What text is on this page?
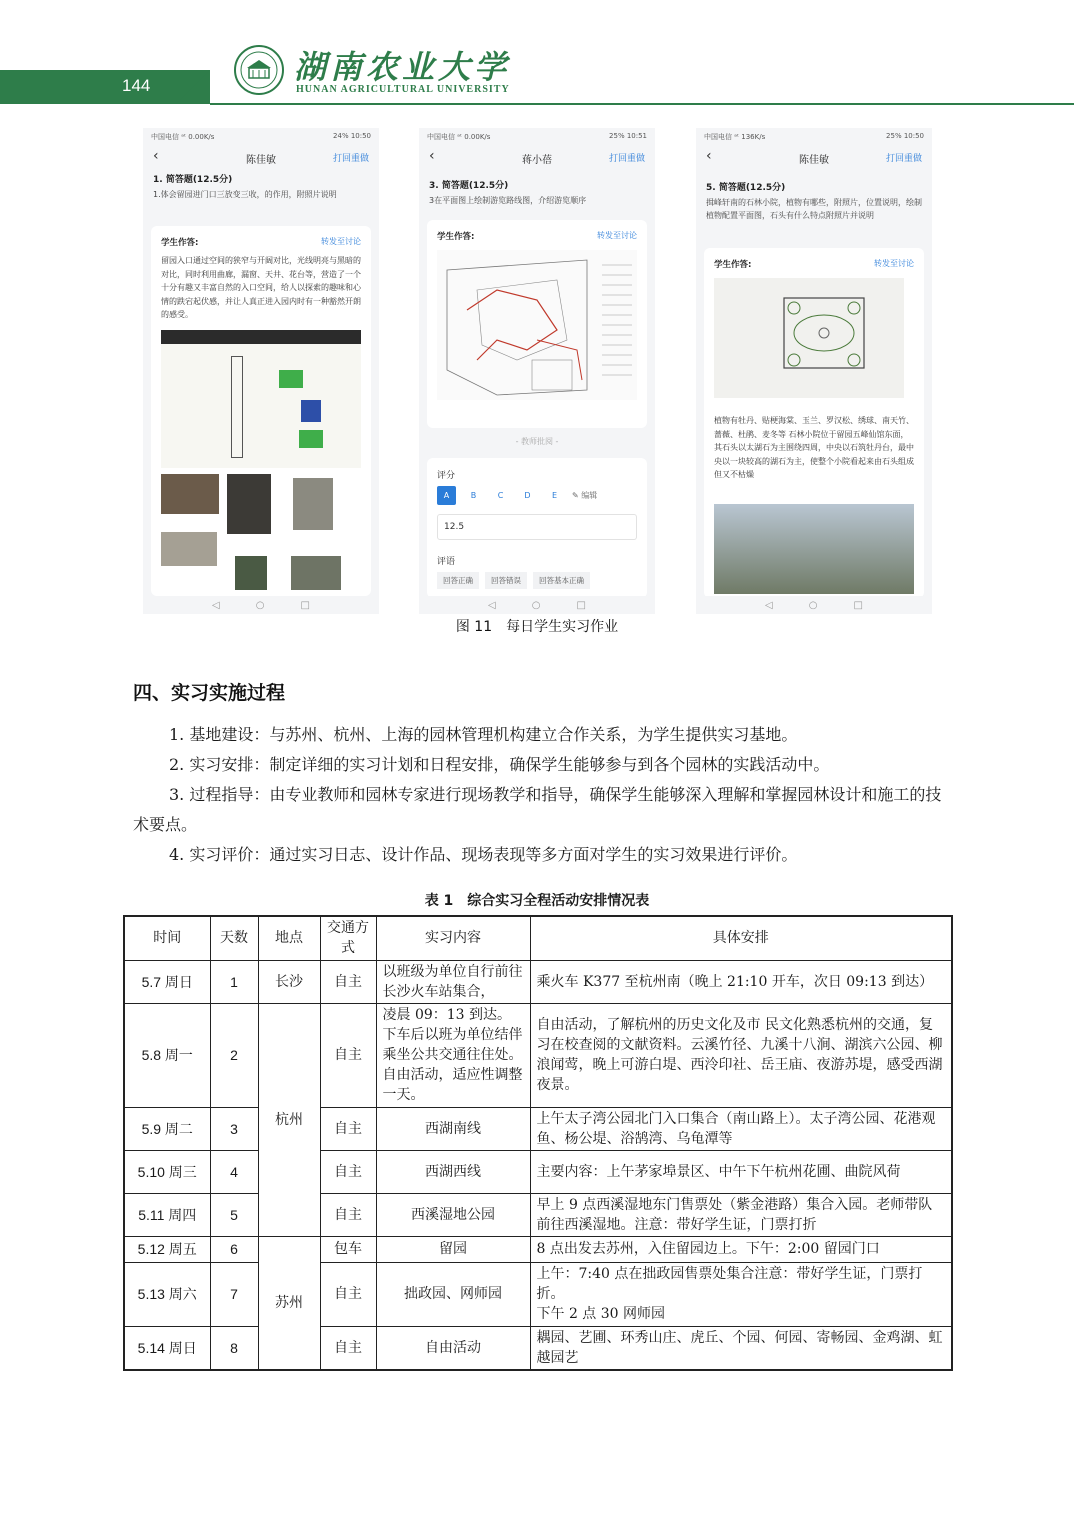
144	湖南农业大学
HUNAN AGRICULTURAL UNIVERSITY
中国电信 ᵃᵗ 0.00K/s	24% 10:50
‹	陈佳敏	打回重做
1. 简答题(12.5分)
1.体会留园进门口三放变三收，的作用，附照片说明
学生作答:	转发至讨论
留园入口通过空间的狭窄与开阔对比，光线明亮与黑暗的对比，同时利用曲廊，漏窗、天井、花台等，营造了一个十分有趣又丰富自然的入口空间，给人以探索的趣味和心情的跌宕起伏感，并让人真正进入园内时有一种豁然开朗的感受。
◁	○	□
中国电信 ᵃᵗ 0.00K/s	25% 10:51
‹	蒋小蓓	打回重做
3. 简答题(12.5分)
3在平面图上绘制游览路线图，介绍游览顺序
学生作答:	转发至讨论
- 教师批阅 -
评分
A	B	C	D	E	✎ 编辑
12.5
评语
回答正确	回答错误	回答基本正确
◁	○	□
中国电信 ᵃᵗ 136K/s	25% 10:50
‹	陈佳敏	打回重做
5. 简答题(12.5分)
揖峰轩南的石林小院，植物有哪些，附照片，位置说明，绘制植物配置平面图，石头有什么特点附照片并说明
学生作答:	转发至讨论
植物有牡丹、贴梗海棠、玉兰、罗汉松、绣球、南天竹、蔷薇、杜鹃、麦冬等 石林小院位于留园五峰仙馆东面，其石头以太湖石为主围绕四周，中央以石筑牡丹台，最中央以一块较高的湖石为主，使整个小院看起来由石头组成但又不枯燥
◁	○	□
图 11　每日学生实习作业
四、实习实施过程
1. 基地建设：与苏州、杭州、上海的园林管理机构建立合作关系，为学生提供实习基地。
2. 实习安排：制定详细的实习计划和日程安排，确保学生能够参与到各个园林的实践活动中。
3. 过程指导：由专业教师和园林专家进行现场教学和指导，确保学生能够深入理解和掌握园林设计和施工的技术要点。
4. 实习评价：通过实习日志、设计作品、现场表现等多方面对学生的实习效果进行评价。
表 1　综合实习全程活动安排情况表
时间	天数	地点	交通方式	实习内容	具体安排
5.7 周日	1	长沙	自主	以班级为单位自行前往长沙火车站集合，	乘火车 K377 至杭州南（晚上 21:10 开车，次日 09:13 到达）
5.8 周一	2	杭州	自主	凌晨 09：13 到达。下车后以班为单位结伴乘坐公共交通往住处。自由活动，适应性调整一天。	自由活动，了解杭州的历史文化及市 民文化熟悉杭州的交通，复习在校查阅的文献资料。云溪竹径、九溪十八涧、湖滨六公园、柳浪闻莺，晚上可游白堤、西泠印社、岳王庙、夜游苏堤，感受西湖夜景。
5.9 周二	3		自主	西湖南线	上午太子湾公园北门入口集合（南山路上）。太子湾公园、花港观鱼、杨公堤、浴鹄湾、乌龟潭等
5.10 周三	4		自主	西湖西线	主要内容：上午茅家埠景区、中午下午杭州花圃、曲院风荷
5.11 周四	5		自主	西溪湿地公园	早上 9 点西溪湿地东门售票处（紫金港路）集合入园。老师带队前往西溪湿地。注意：带好学生证，门票打折
5.12 周五	6	苏州	包车	留园	8 点出发去苏州，入住留园边上。下午：2:00 留园门口
5.13 周六	7		自主	拙政园、网师园	上午：7:40 点在拙政园售票处集合注意：带好学生证，门票打折。
下午 2 点 30 网师园

5.14 周日	8		自主	自由活动	耦园、艺圃、环秀山庄、虎丘、个园、何园、寄畅园、金鸡湖、虹越园艺
